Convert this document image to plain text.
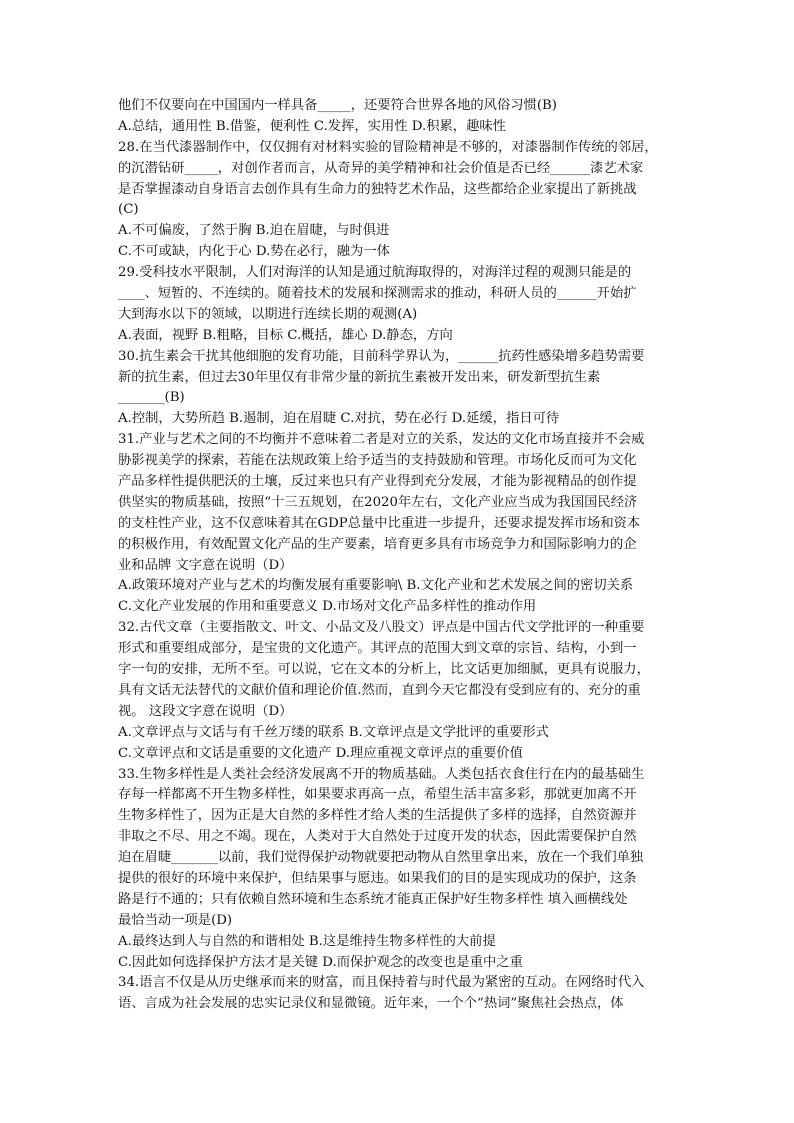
他们不仅要向在中国国内一样具备_____，还要符合世界各地的风俗习惯(B)
A.总结，通用性 B.借鉴，便利性 C.发挥，实用性 D.积累，趣味性
28.在当代漆器制作中，仅仅拥有对材料实验的冒险精神是不够的，对漆器制作传统的邻居，
的沉潜钻研_____，对创作者而言，从奇异的美学精神和社会价值是否已经______漆艺术家
是否掌握漆动自身语言去创作具有生命力的独特艺术作品，这些都给企业家提出了新挑战
(C)
A.不可偏废，了然于胸 B.迫在眉睫，与时俱进
C.不可或缺，内化于心 D.势在必行，融为一体
29.受科技水平限制，人们对海洋的认知是通过航海取得的，对海洋过程的观测只能是的
____、短暂的、不连续的。随着技术的发展和探测需求的推动，科研人员的______开始扩
大到海水以下的领域，以期进行连续长期的观测(A)
A.表面，视野 B.粗略，目标 C.概括，雄心 D.静态，方向
30.抗生素会干扰其他细胞的发育功能，目前科学界认为，______抗药性感染增多趋势需要
新的抗生素，但过去30年里仅有非常少量的新抗生素被开发出来，研发新型抗生素
_______(B)
A.控制，大势所趋 B.遏制，迫在眉睫 C.对抗，势在必行 D.延缓，指日可待
31.产业与艺术之间的不均衡并不意味着二者是对立的关系，发达的文化市场直接并不会威
胁影视美学的探索，若能在法规政策上给予适当的支持鼓励和管理。市场化反而可为文化
产品多样性提供肥沃的土壤，反过来也只有产业得到充分发展，才能为影视精品的创作提
供坚实的物质基础，按照“十三五规划，在2020年左右，文化产业应当成为我国国民经济
的支柱性产业，这不仅意味着其在GDP总量中比重进一步提升，还要求提发挥市场和资本
的积极作用，有效配置文化产品的生产要素，培育更多具有市场竞争力和国际影响力的企
业和品牌 文字意在说明（D）
A.政策环境对产业与艺术的均衡发展有重要影响\ B.文化产业和艺术发展之间的密切关系
C.文化产业发展的作用和重要意义 D.市场对文化产品多样性的推动作用
32.古代文章（主要指散文、叶文、小品文及八股文）评点是中国古代文学批评的一种重要
形式和重要组成部分，是宝贵的文化遗产。其评点的范围大到文章的宗旨、结构，小到一
字一句的安排，无所不至。可以说，它在文本的分析上，比文话更加细腻，更具有说服力，
具有文话无法替代的文献价值和理论价值.然而，直到今天它都没有受到应有的、充分的重
视。 这段文字意在说明（D）
A.文章评点与文话与有千丝万缕的联系 B.文章评点是文学批评的重要形式
C.文章评点和文话是重要的文化遗产 D.理应重视文章评点的重要价值
33.生物多样性是人类社会经济发展离不开的物质基础。人类包括衣食住行在内的最基础生
存每一样都离不开生物多样性，如果要求再高一点，希望生活丰富多彩，那就更加离不开
生物多样性了，因为正是大自然的多样性才给人类的生活提供了多样的选择，自然资源并
非取之不尽、用之不竭。现在，人类对于大自然处于过度开发的状态，因此需要保护自然
迫在眉睫_______以前，我们觉得保护动物就要把动物从自然里拿出来，放在一个我们单独
提供的很好的环境中来保护，但结果事与愿违。如果我们的目的是实现成功的保护，这条
路是行不通的；只有依赖自然环境和生态系统才能真正保护好生物多样性 填入画横线处
最恰当动一项是(D)
A.最终达到人与自然的和谐相处 B.这是维持生物多样性的大前提
C.因此如何选择保护方法才是关键 D.而保护观念的改变也是重中之重
34.语言不仅是从历史继承而来的财富，而且保持着与时代最为紧密的互动。在网络时代入
语、言成为社会发展的忠实记录仪和显微镜。近年来，一个个“热词”聚焦社会热点，体
